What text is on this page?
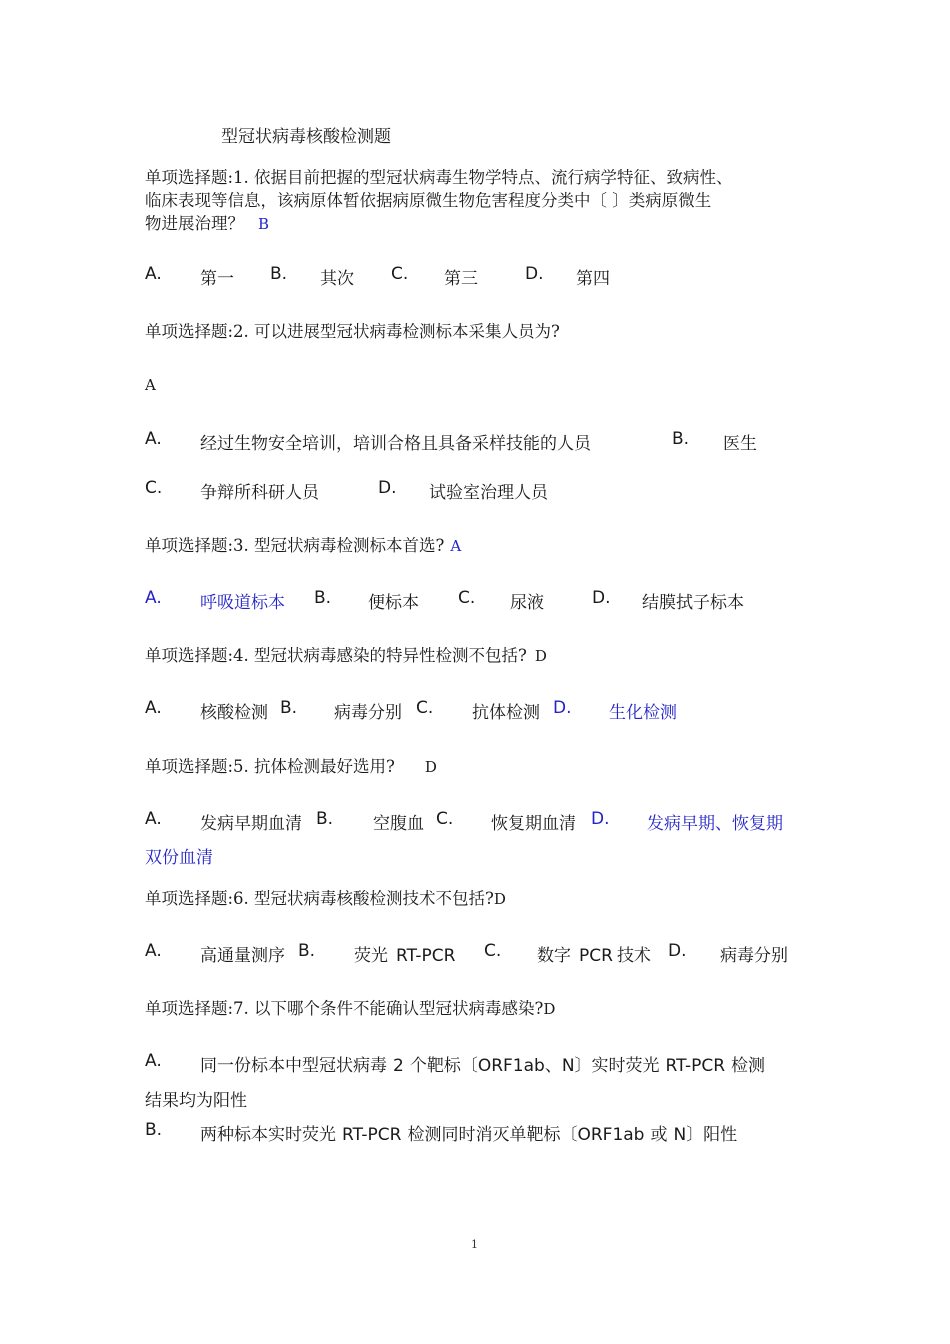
型冠状病毒核酸检测题
单项选择题:1. 依据目前把握的型冠状病毒生物学特点、流行病学特征、致病性、
临床表现等信息，该病原体暂依据病原微生物危害程度分类中〔 〕类病原微生
物进展治理？ B
A. 第一 B. 其次 C. 第三	D. 第四
单项选择题:2. 可以进展型冠状病毒检测标本采集人员为?
A
A. 经过生物安全培训，培训合格且具备采样技能的人员	B. 医生
C. 争辩所科研人员	D. 试验室治理人员
单项选择题:3. 型冠状病毒检测标本首选? A
A. 呼吸道标本 B. 便标本 C. 尿液	D. 结膜拭子标本
单项选择题:4. 型冠状病毒感染的特异性检测不包括? D
A. 核酸检测 B. 病毒分别 C. 抗体检测 D. 生化检测
单项选择题:5. 抗体检测最好选用? D
A. 发病早期血清 B. 空腹血 C. 恢复期血清 D. 发病早期、恢复期
双份血清
单项选择题:6. 型冠状病毒核酸检测技术不包括?D
A. 高通量测序 B. 荧光 RT-PCR C. 数字 PCR 技术 D. 病毒分别
单项选择题:7. 以下哪个条件不能确认型冠状病毒感染?D
A. 同一份标本中型冠状病毒 2 个靶标〔ORF1ab、N〕实时荧光 RT-PCR 检测
结果均为阳性
B. 两种标本实时荧光 RT-PCR 检测同时消灭单靶标〔ORF1ab 或 N〕阳性
1
